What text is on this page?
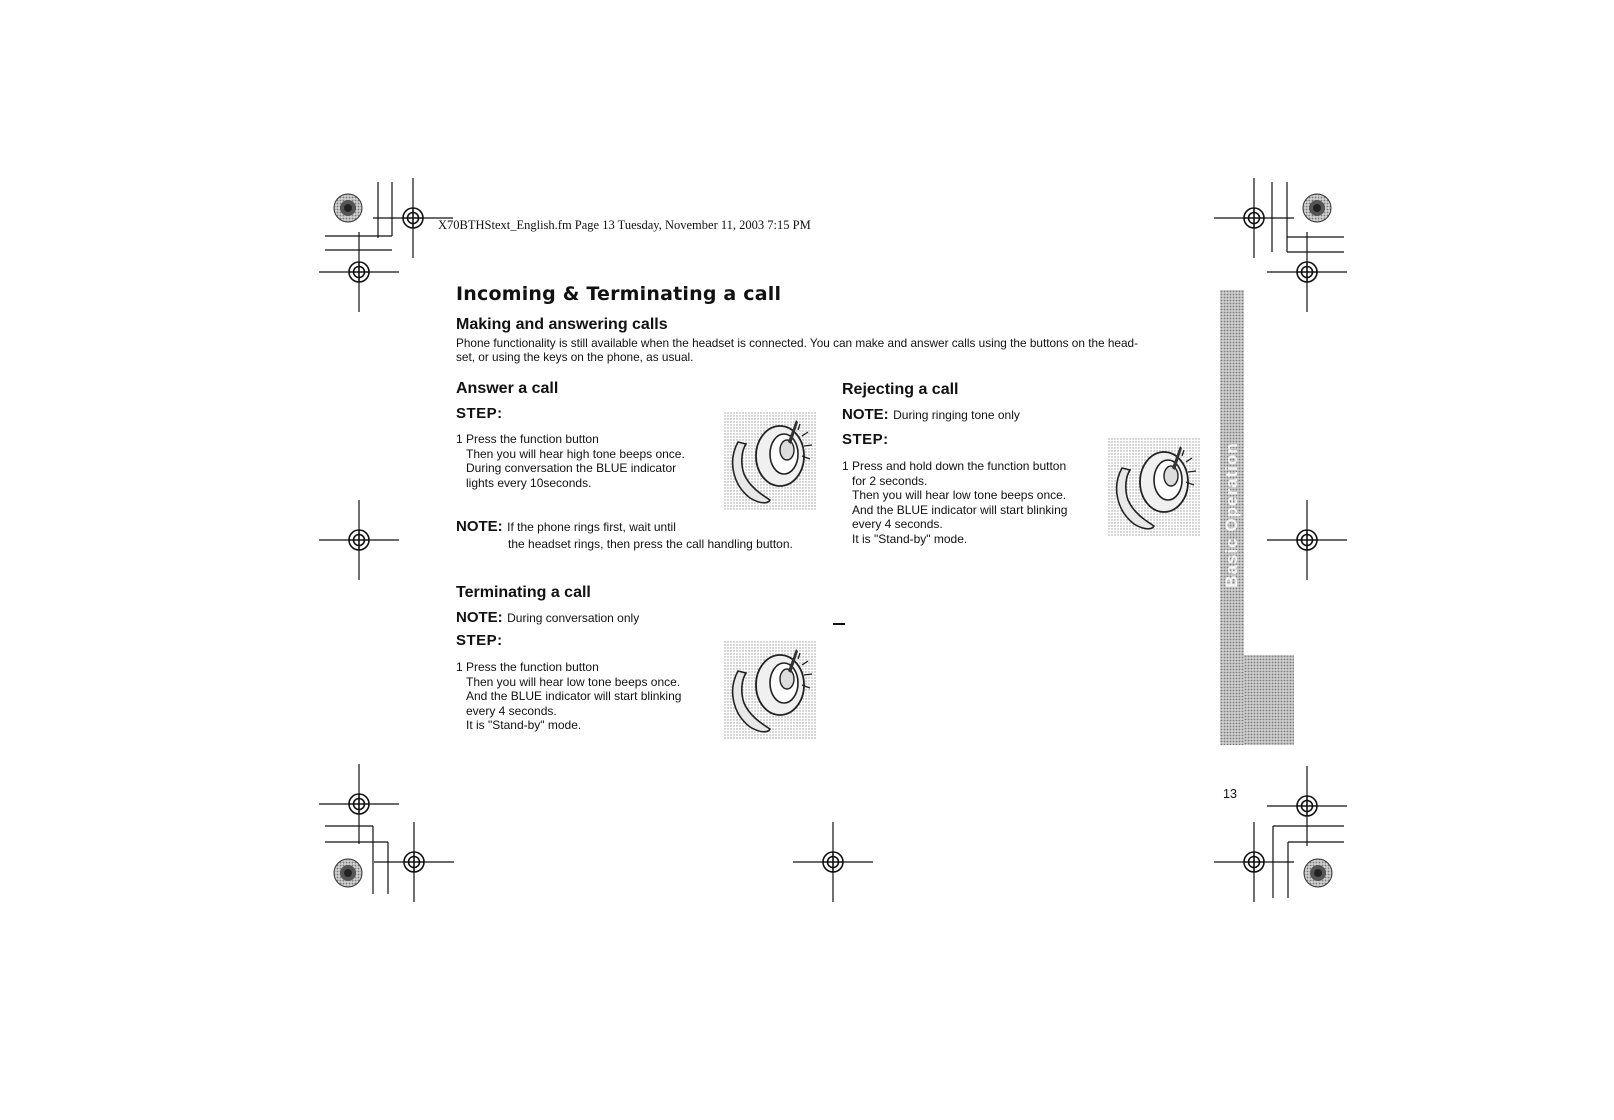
Basic Operation
X70BTHStext_English.fm Page 13 Tuesday, November 11, 2003 7:15 PM
Incoming & Terminating a call
Making and answering calls
Phone functionality is still available when the headset is connected. You can make and answer calls using the buttons on the head-
set, or using the keys on the phone, as usual.
Answer a call
STEP:
1 Press the function button
Then you will hear high tone beeps once.
During conversation the BLUE indicator
lights every 10seconds.
NOTE: If the phone rings first, wait until
the headset rings, then press the call handling button.
Terminating a call
NOTE: During conversation only
STEP:
1 Press the function button
Then you will hear low tone beeps once.
And the BLUE indicator will start blinking
every 4 seconds.
It is "Stand-by" mode.
Rejecting a call
NOTE: During ringing tone only
STEP:
1 Press and hold down the function button
for 2 seconds.
Then you will hear low tone beeps once.
And the BLUE indicator will start blinking
every 4 seconds.
It is "Stand-by" mode.
13
